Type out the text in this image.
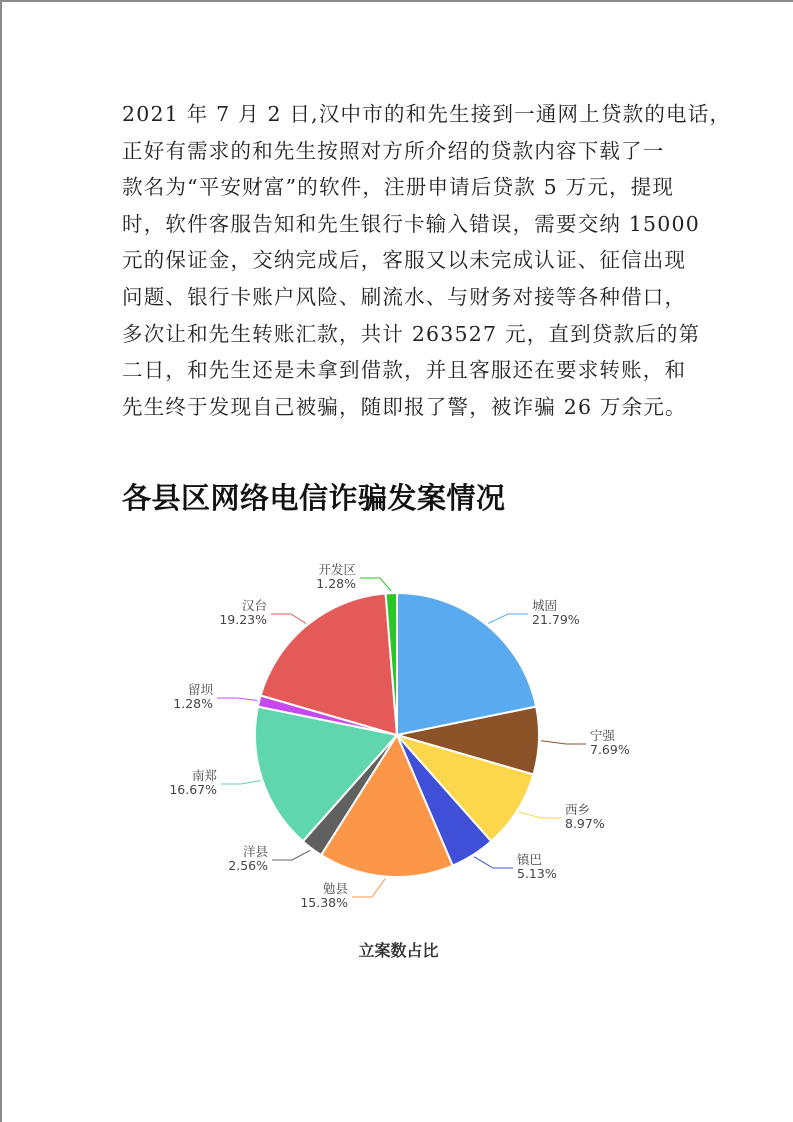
2021 年 7 月 2 日,汉中市的和先生接到一通网上贷款的电话，
正好有需求的和先生按照对方所介绍的贷款内容下载了一
款名为“平安财富”的软件，注册申请后贷款 5 万元，提现
时，软件客服告知和先生银行卡输入错误，需要交纳 15000
元的保证金，交纳完成后，客服又以未完成认证、征信出现
问题、银行卡账户风险、刷流水、与财务对接等各种借口，
多次让和先生转账汇款，共计 263527 元，直到贷款后的第
二日，和先生还是未拿到借款，并且客服还在要求转账，和
先生终于发现自己被骗，随即报了警，被诈骗 26 万余元。
各县区网络电信诈骗发案情况
城固
21.79%
宁强
7.69%
西乡
8.97%
镇巴
5.13%
勉县
15.38%
洋县
2.56%
南郑
16.67%
留坝
1.28%
汉台
19.23%
开发区
1.28%
立案数占比
